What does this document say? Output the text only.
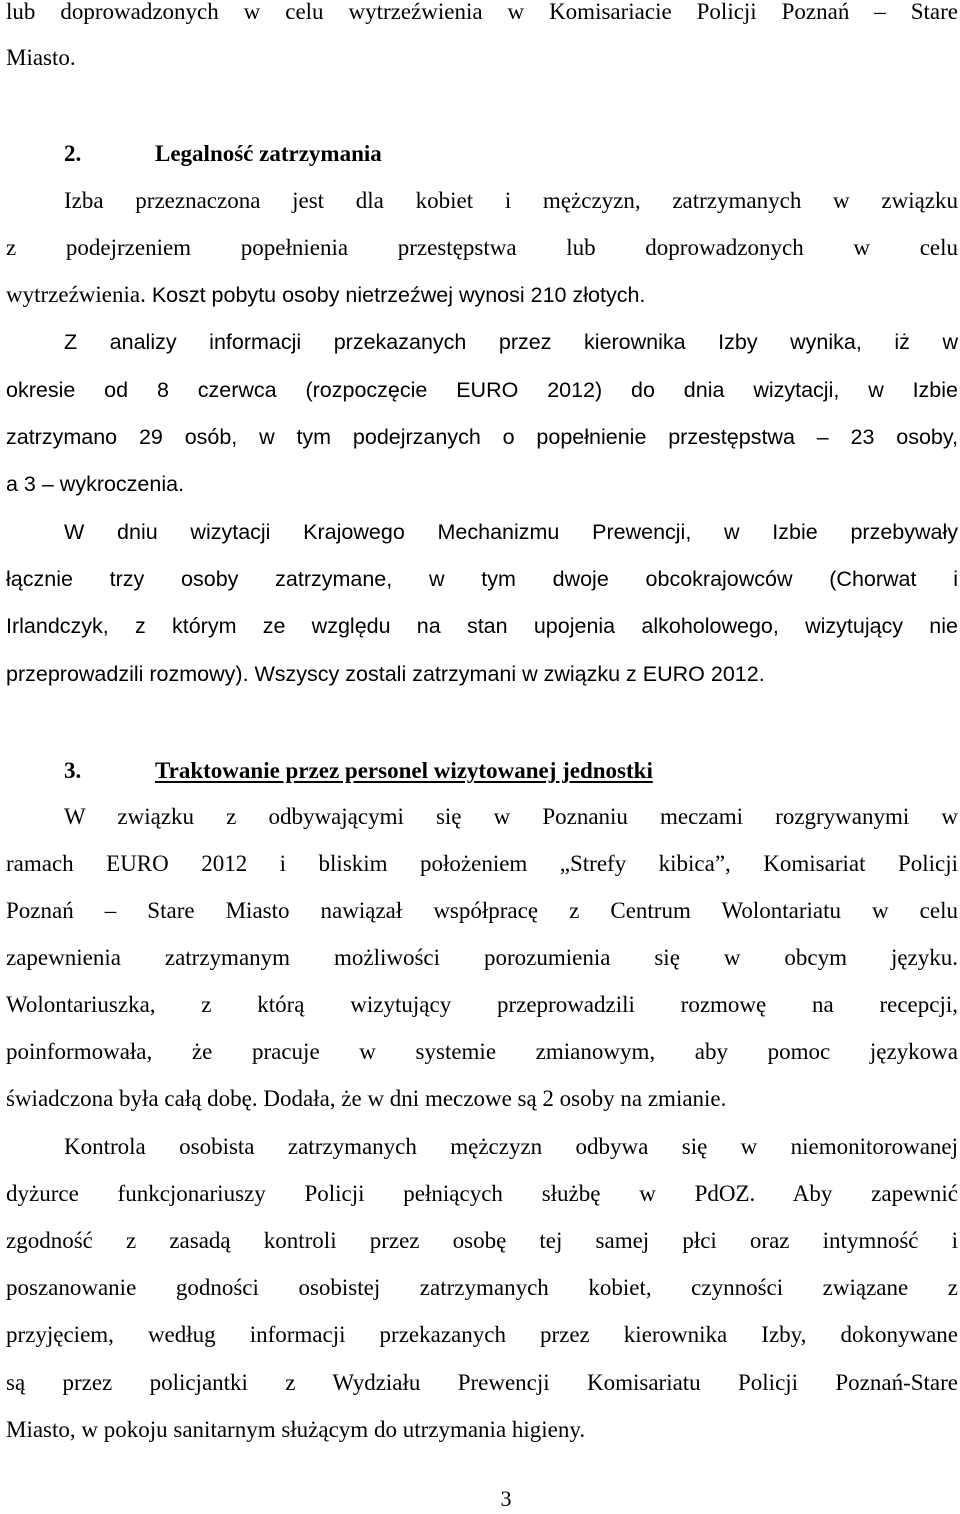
lub doprowadzonych w celu wytrzeźwienia w Komisariacie Policji Poznań – Stare
Miasto.
2.	Legalność zatrzymania
Izba przeznaczona jest dla kobiet i mężczyzn, zatrzymanych w związku
z podejrzeniem popełnienia przestępstwa lub doprowadzonych w celu
wytrzeźwienia. Koszt pobytu osoby nietrzeźwej wynosi 210 złotych.
Z analizy informacji przekazanych przez kierownika Izby wynika, iż w
okresie od 8 czerwca (rozpoczęcie EURO 2012) do dnia wizytacji, w Izbie
zatrzymano 29 osób, w tym podejrzanych o popełnienie przestępstwa – 23 osoby,
a 3 – wykroczenia.
W dniu wizytacji Krajowego Mechanizmu Prewencji, w Izbie przebywały
łącznie trzy osoby zatrzymane, w tym dwoje obcokrajowców (Chorwat i
Irlandczyk, z którym ze względu na stan upojenia alkoholowego, wizytujący nie
przeprowadzili rozmowy). Wszyscy zostali zatrzymani w związku z EURO 2012.
3.	Traktowanie przez personel wizytowanej jednostki
W związku z odbywającymi się w Poznaniu meczami rozgrywanymi w
ramach EURO 2012 i bliskim położeniem „Strefy kibica”, Komisariat Policji
Poznań – Stare Miasto nawiązał współpracę z Centrum Wolontariatu w celu
zapewnienia zatrzymanym możliwości porozumienia się w obcym języku.
Wolontariuszka, z którą wizytujący przeprowadzili rozmowę na recepcji,
poinformowała, że pracuje w systemie zmianowym, aby pomoc językowa
świadczona była całą dobę. Dodała, że w dni meczowe są 2 osoby na zmianie.
Kontrola osobista zatrzymanych mężczyzn odbywa się w niemonitorowanej
dyżurce funkcjonariuszy Policji pełniących służbę w PdOZ. Aby zapewnić
zgodność z zasadą kontroli przez osobę tej samej płci oraz intymność i
poszanowanie godności osobistej zatrzymanych kobiet, czynności związane z
przyjęciem, według informacji przekazanych przez kierownika Izby, dokonywane
są przez policjantki z Wydziału Prewencji Komisariatu Policji Poznań-Stare
Miasto, w pokoju sanitarnym służącym do utrzymania higieny.
3
